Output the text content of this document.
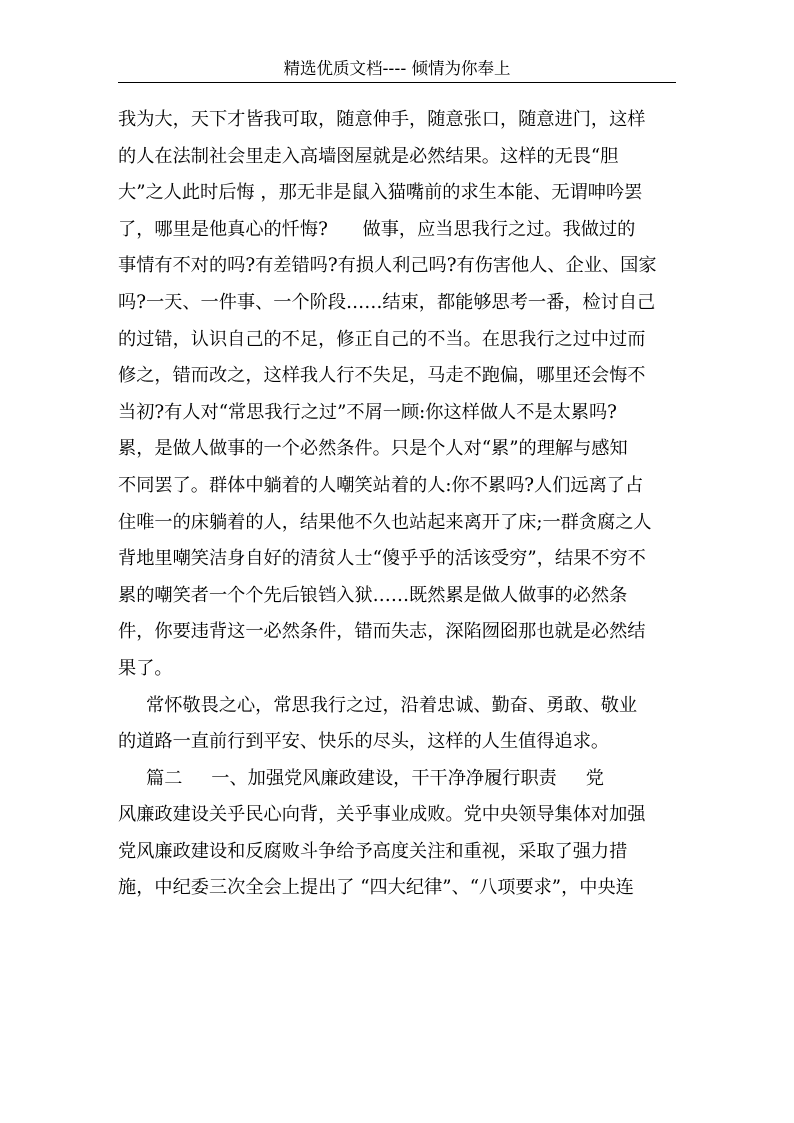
精选优质文档---- 倾情为你奉上
我为大，天下才皆我可取，随意伸手，随意张口，随意进门，这样
的人在法制社会里走入高墙囹屋就是必然结果。这样的无畏“胆
大”之人此时后悔 ，那无非是鼠入猫嘴前的求生本能、无谓呻吟罢
了，哪里是他真心的忏悔?      做事，应当思我行之过。我做过的
事情有不对的吗?有差错吗?有损人利己吗?有伤害他人、企业、国家
吗?一天、一件事、一个阶段……结束，都能够思考一番，检讨自己
的过错，认识自己的不足，修正自己的不当。在思我行之过中过而
修之，错而改之，这样我人行不失足，马走不跑偏，哪里还会悔不
当初?有人对“常思我行之过”不屑一顾:你这样做人不是太累吗?
累，是做人做事的一个必然条件。只是个人对“累”的理解与感知
不同罢了。群体中躺着的人嘲笑站着的人:你不累吗?人们远离了占
住唯一的床躺着的人，结果他不久也站起来离开了床;一群贪腐之人
背地里嘲笑洁身自好的清贫人士“傻乎乎的活该受穷”，结果不穷不
累的嘲笑者一个个先后锒铛入狱……既然累是做人做事的必然条
件，你要违背这一必然条件，错而失志，深陷囫囵那也就是必然结
果了。
常怀敬畏之心，常思我行之过，沿着忠诚、勤奋、勇敢、敬业
的道路一直前行到平安、快乐的尽头，这样的人生值得追求。
篇二     一、加强党风廉政建设，干干净净履行职责     党
风廉政建设关乎民心向背，关乎事业成败。党中央领导集体对加强
党风廉政建设和反腐败斗争给予高度关注和重视，采取了强力措
施，中纪委三次全会上提出了 “四大纪律”、“八项要求”，中央连
